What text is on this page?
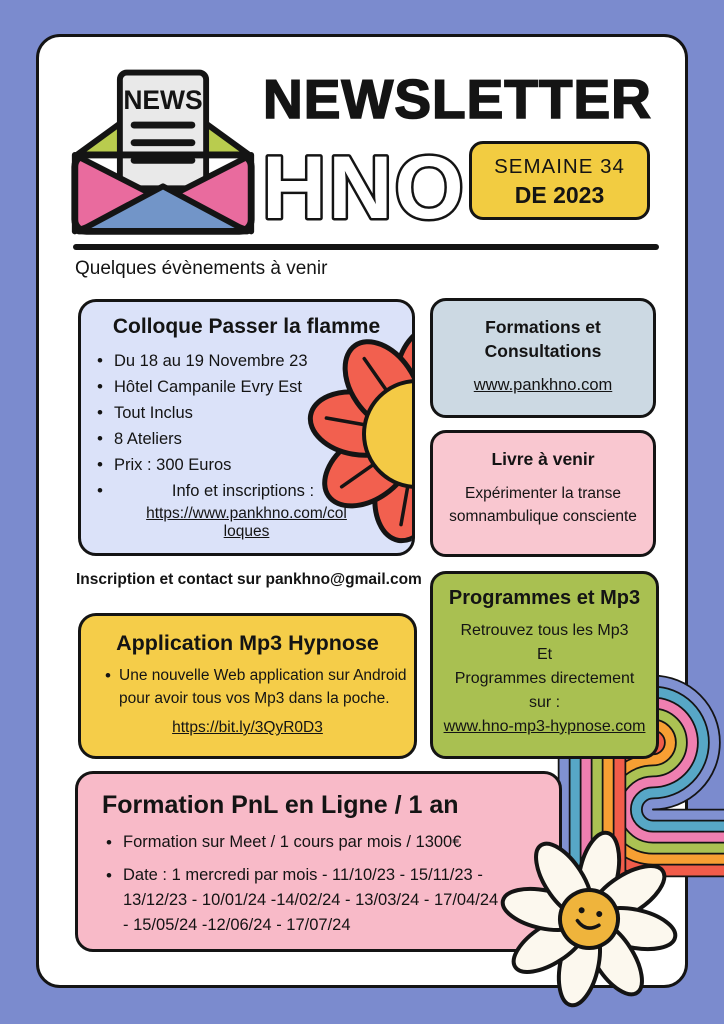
NEWS NEWSLETTER
HNO	SEMAINE 34
DE 2023
Quelques évènements à venir
Colloque Passer la flamme
• Du 18 au 19 Novembre 23
• Hôtel Campanile Evry Est
• Tout Inclus
• 8 Ateliers
• Prix : 300 Euros
• Info et inscriptions :
https://www.pankhno.com/col
loques
Formations et
Consultations
www.pankhno.com
Livre à venir
Expérimenter la transe somnambulique consciente
Inscription et contact sur pankhno@gmail.com
Programmes et Mp3
Retrouvez tous les Mp3
Et
Programmes directement
sur :
www.hno-mp3-hypnose.com
Application Mp3 Hypnose
• Une nouvelle Web application sur Android pour avoir tous vos Mp3 dans la poche.
https://bit.ly/3QyR0D3
Formation PnL en Ligne / 1 an
• Formation sur Meet / 1 cours par mois / 1300€
• Date : 1 mercredi par mois - 11/10/23 - 15/11/23 - 13/12/23 - 10/01/24 -14/02/24 - 13/03/24 - 17/04/24 - 15/05/24 -12/06/24 - 17/07/24
